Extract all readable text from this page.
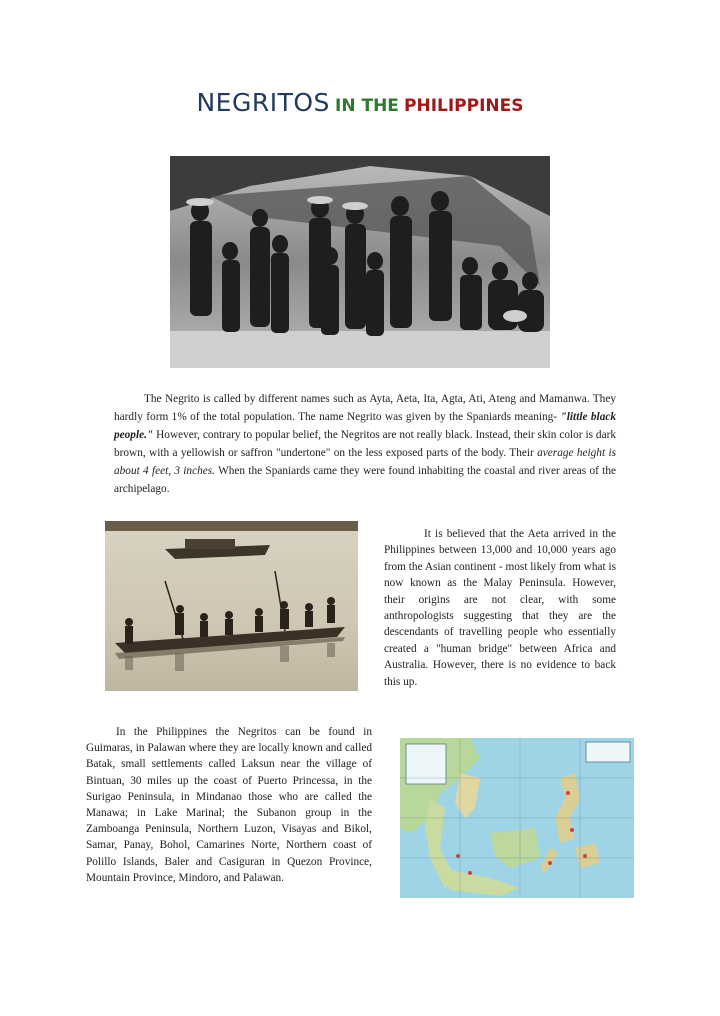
NEGRITOS IN THE PHILIPPINES

The Negrito is called by different names such as Ayta, Aeta, Ita, Agta, Ati, Ateng and Mamanwa. They hardly form 1% of the total population. The name Negrito was given by the Spaniards meaning- "little black people." However, contrary to popular belief, the Negritos are not really black. Instead, their skin color is dark brown, with a yellowish or saffron "undertone" on the less exposed parts of the body. Their average height is about 4 feet, 3 inches. When the Spaniards came they were found inhabiting the coastal and river areas of the archipelago.

It is believed that the Aeta arrived in the Philippines between 13,000 and 10,000 years ago from the Asian continent - most likely from what is now known as the Malay Peninsula. However, their origins are not clear, with some anthropologists suggesting that they are the descendants of travelling people who essentially created a "human bridge" between Africa and Australia. However, there is no evidence to back this up.

In the Philippines the Negritos can be found in Guimaras, in Palawan where they are locally known and called Batak, small settlements called Laksun near the village of Bintuan, 30 miles up the coast of Puerto Princessa, in the Surigao Peninsula, in Mindanao those who are called the Manawa; in Lake Marinal; the Subanon group in the Zamboanga Peninsula, Northern Luzon, Visayas and Bikol, Samar, Panay, Bohol, Camarines Norte, Northern coast of Polillo Islands, Baler and Casiguran in Quezon Province, Mountain Province, Mindoro, and Palawan.
